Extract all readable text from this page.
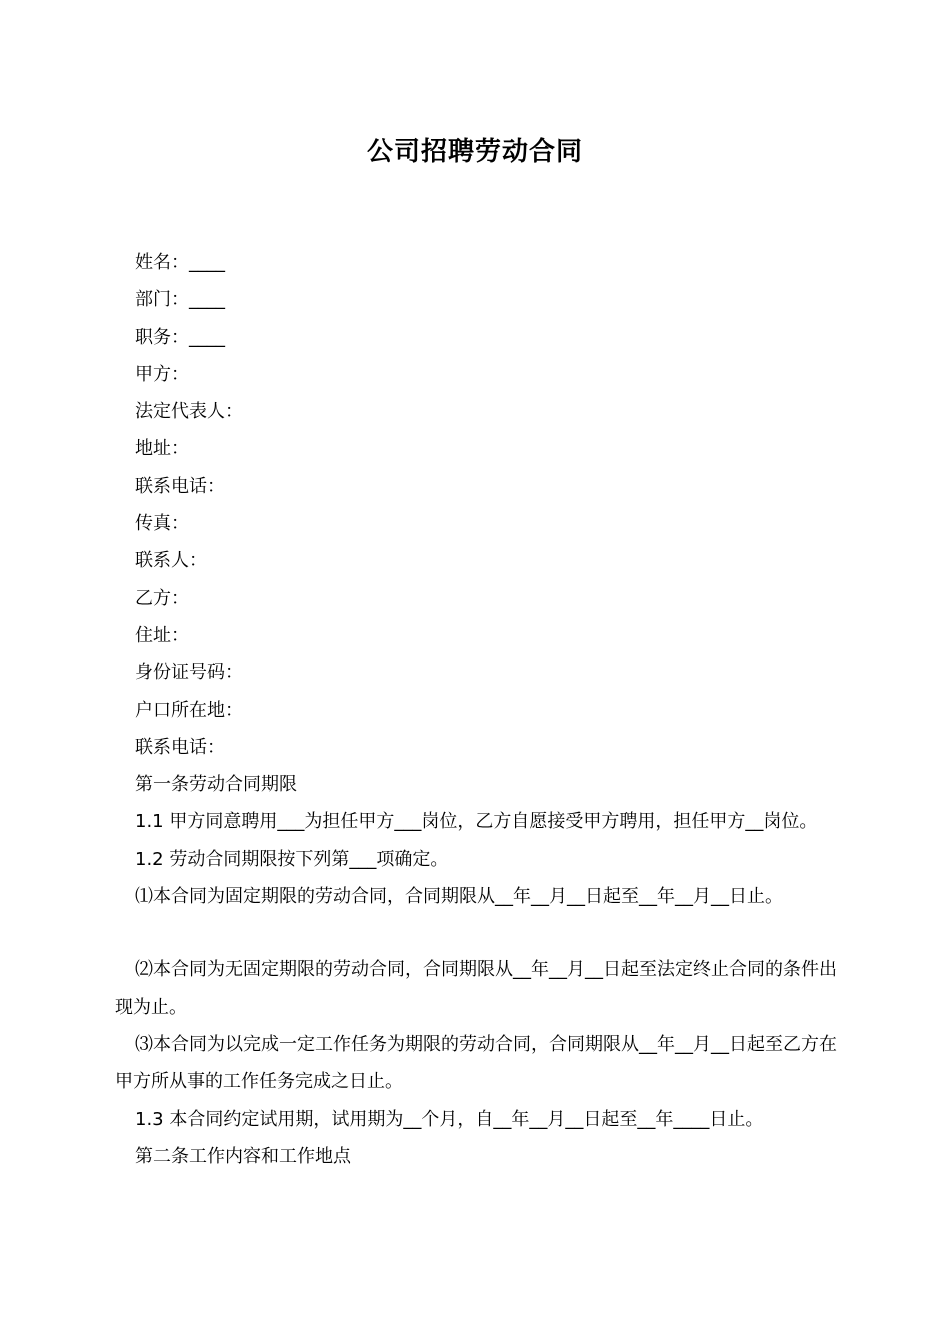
公司招聘劳动合同
姓名：____
部门：____
职务：____
甲方：
法定代表人：
地址：
联系电话：
传真：
联系人：
乙方：
住址：
身份证号码：
户口所在地：
联系电话：
第一条劳动合同期限
1.1 甲方同意聘用___为担任甲方___岗位，乙方自愿接受甲方聘用，担任甲方__岗位。
1.2 劳动合同期限按下列第___项确定。
⑴本合同为固定期限的劳动合同，合同期限从__年__月__日起至__年__月__日止。
⑵本合同为无固定期限的劳动合同，合同期限从__年__月__日起至法定终止合同的条件出现为止。
⑶本合同为以完成一定工作任务为期限的劳动合同，合同期限从__年__月__日起至乙方在甲方所从事的工作任务完成之日止。
1.3 本合同约定试用期，试用期为__个月，自__年__月__日起至__年____日止。
第二条工作内容和工作地点
